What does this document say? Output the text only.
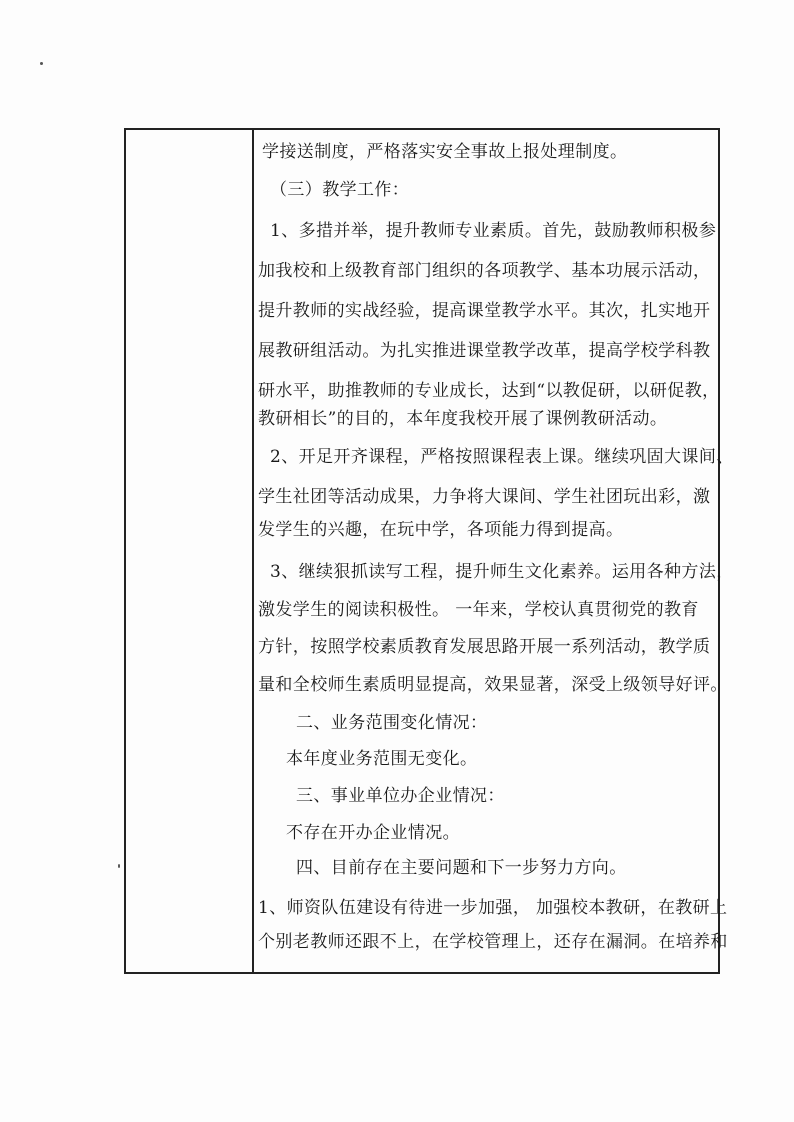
学接送制度，严格落实安全事故上报处理制度。
（三）教学工作：
1、多措并举，提升教师专业素质。首先，鼓励教师积极参
加我校和上级教育部门组织的各项教学、基本功展示活动，
提升教师的实战经验，提高课堂教学水平。其次，扎实地开
展教研组活动。为扎实推进课堂教学改革，提高学校学科教
研水平，助推教师的专业成长，达到“以教促研，以研促教，
教研相长”的目的，本年度我校开展了课例教研活动。
2、开足开齐课程，严格按照课程表上课。继续巩固大课间、
学生社团等活动成果，力争将大课间、学生社团玩出彩，激
发学生的兴趣，在玩中学，各项能力得到提高。
3、继续狠抓读写工程，提升师生文化素养。运用各种方法，
激发学生的阅读积极性。 一年来，学校认真贯彻党的教育
方针，按照学校素质教育发展思路开展一系列活动，教学质
量和全校师生素质明显提高，效果显著，深受上级领导好评。
二、业务范围变化情况：
本年度业务范围无变化。
三、事业单位办企业情况：
不存在开办企业情况。
四、目前存在主要问题和下一步努力方向。
1、师资队伍建设有待进一步加强， 加强校本教研，在教研上
个别老教师还跟不上，在学校管理上，还存在漏洞。在培养和
